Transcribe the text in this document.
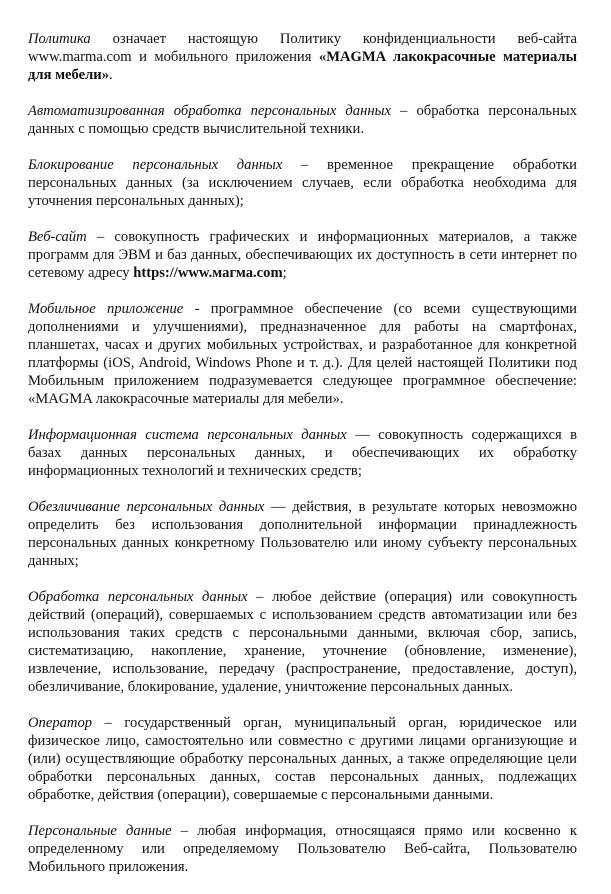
Политика означает настоящую Политику конфиденциальности веб-сайта www.marma.com и мобильного приложения «MAGMA лакокрасочные материалы для мебели».

Автоматизированная обработка персональных данных – обработка персональных данных с помощью средств вычислительной техники.

Блокирование персональных данных – временное прекращение обработки персональных данных (за исключением случаев, если обработка необходима для уточнения персональных данных);

Веб-сайт – совокупность графических и информационных материалов, а также программ для ЭВМ и баз данных, обеспечивающих их доступность в сети интернет по сетевому адресу https://www.магма.com;

Мобильное приложение - программное обеспечение (со всеми существующими дополнениями и улучшениями), предназначенное для работы на смартфонах, планшетах, часах и других мобильных устройствах, и разработанное для конкретной платформы (iOS, Android, Windows Phone и т. д.). Для целей настоящей Политики под Мобильным приложением подразумевается следующее программное обеспечение: «MAGMA лакокрасочные материалы для мебели».

Информационная система персональных данных — совокупность содержащихся в базах данных персональных данных, и обеспечивающих их обработку информационных технологий и технических средств;

Обезличивание персональных данных — действия, в результате которых невозможно определить без использования дополнительной информации принадлежность персональных данных конкретному Пользователю или иному субъекту персональных данных;

Обработка персональных данных – любое действие (операция) или совокупность действий (операций), совершаемых с использованием средств автоматизации или без использования таких средств с персональными данными, включая сбор, запись, систематизацию, накопление, хранение, уточнение (обновление, изменение), извлечение, использование, передачу (распространение, предоставление, доступ), обезличивание, блокирование, удаление, уничтожение персональных данных.

Оператор – государственный орган, муниципальный орган, юридическое или физическое лицо, самостоятельно или совместно с другими лицами организующие и (или) осуществляющие обработку персональных данных, а также определяющие цели обработки персональных данных, состав персональных данных, подлежащих обработке, действия (операции), совершаемые с персональными данными.

Персональные данные – любая информация, относящаяся прямо или косвенно к определенному или определяемому Пользователю Веб-сайта, Пользователю Мобильного приложения.
